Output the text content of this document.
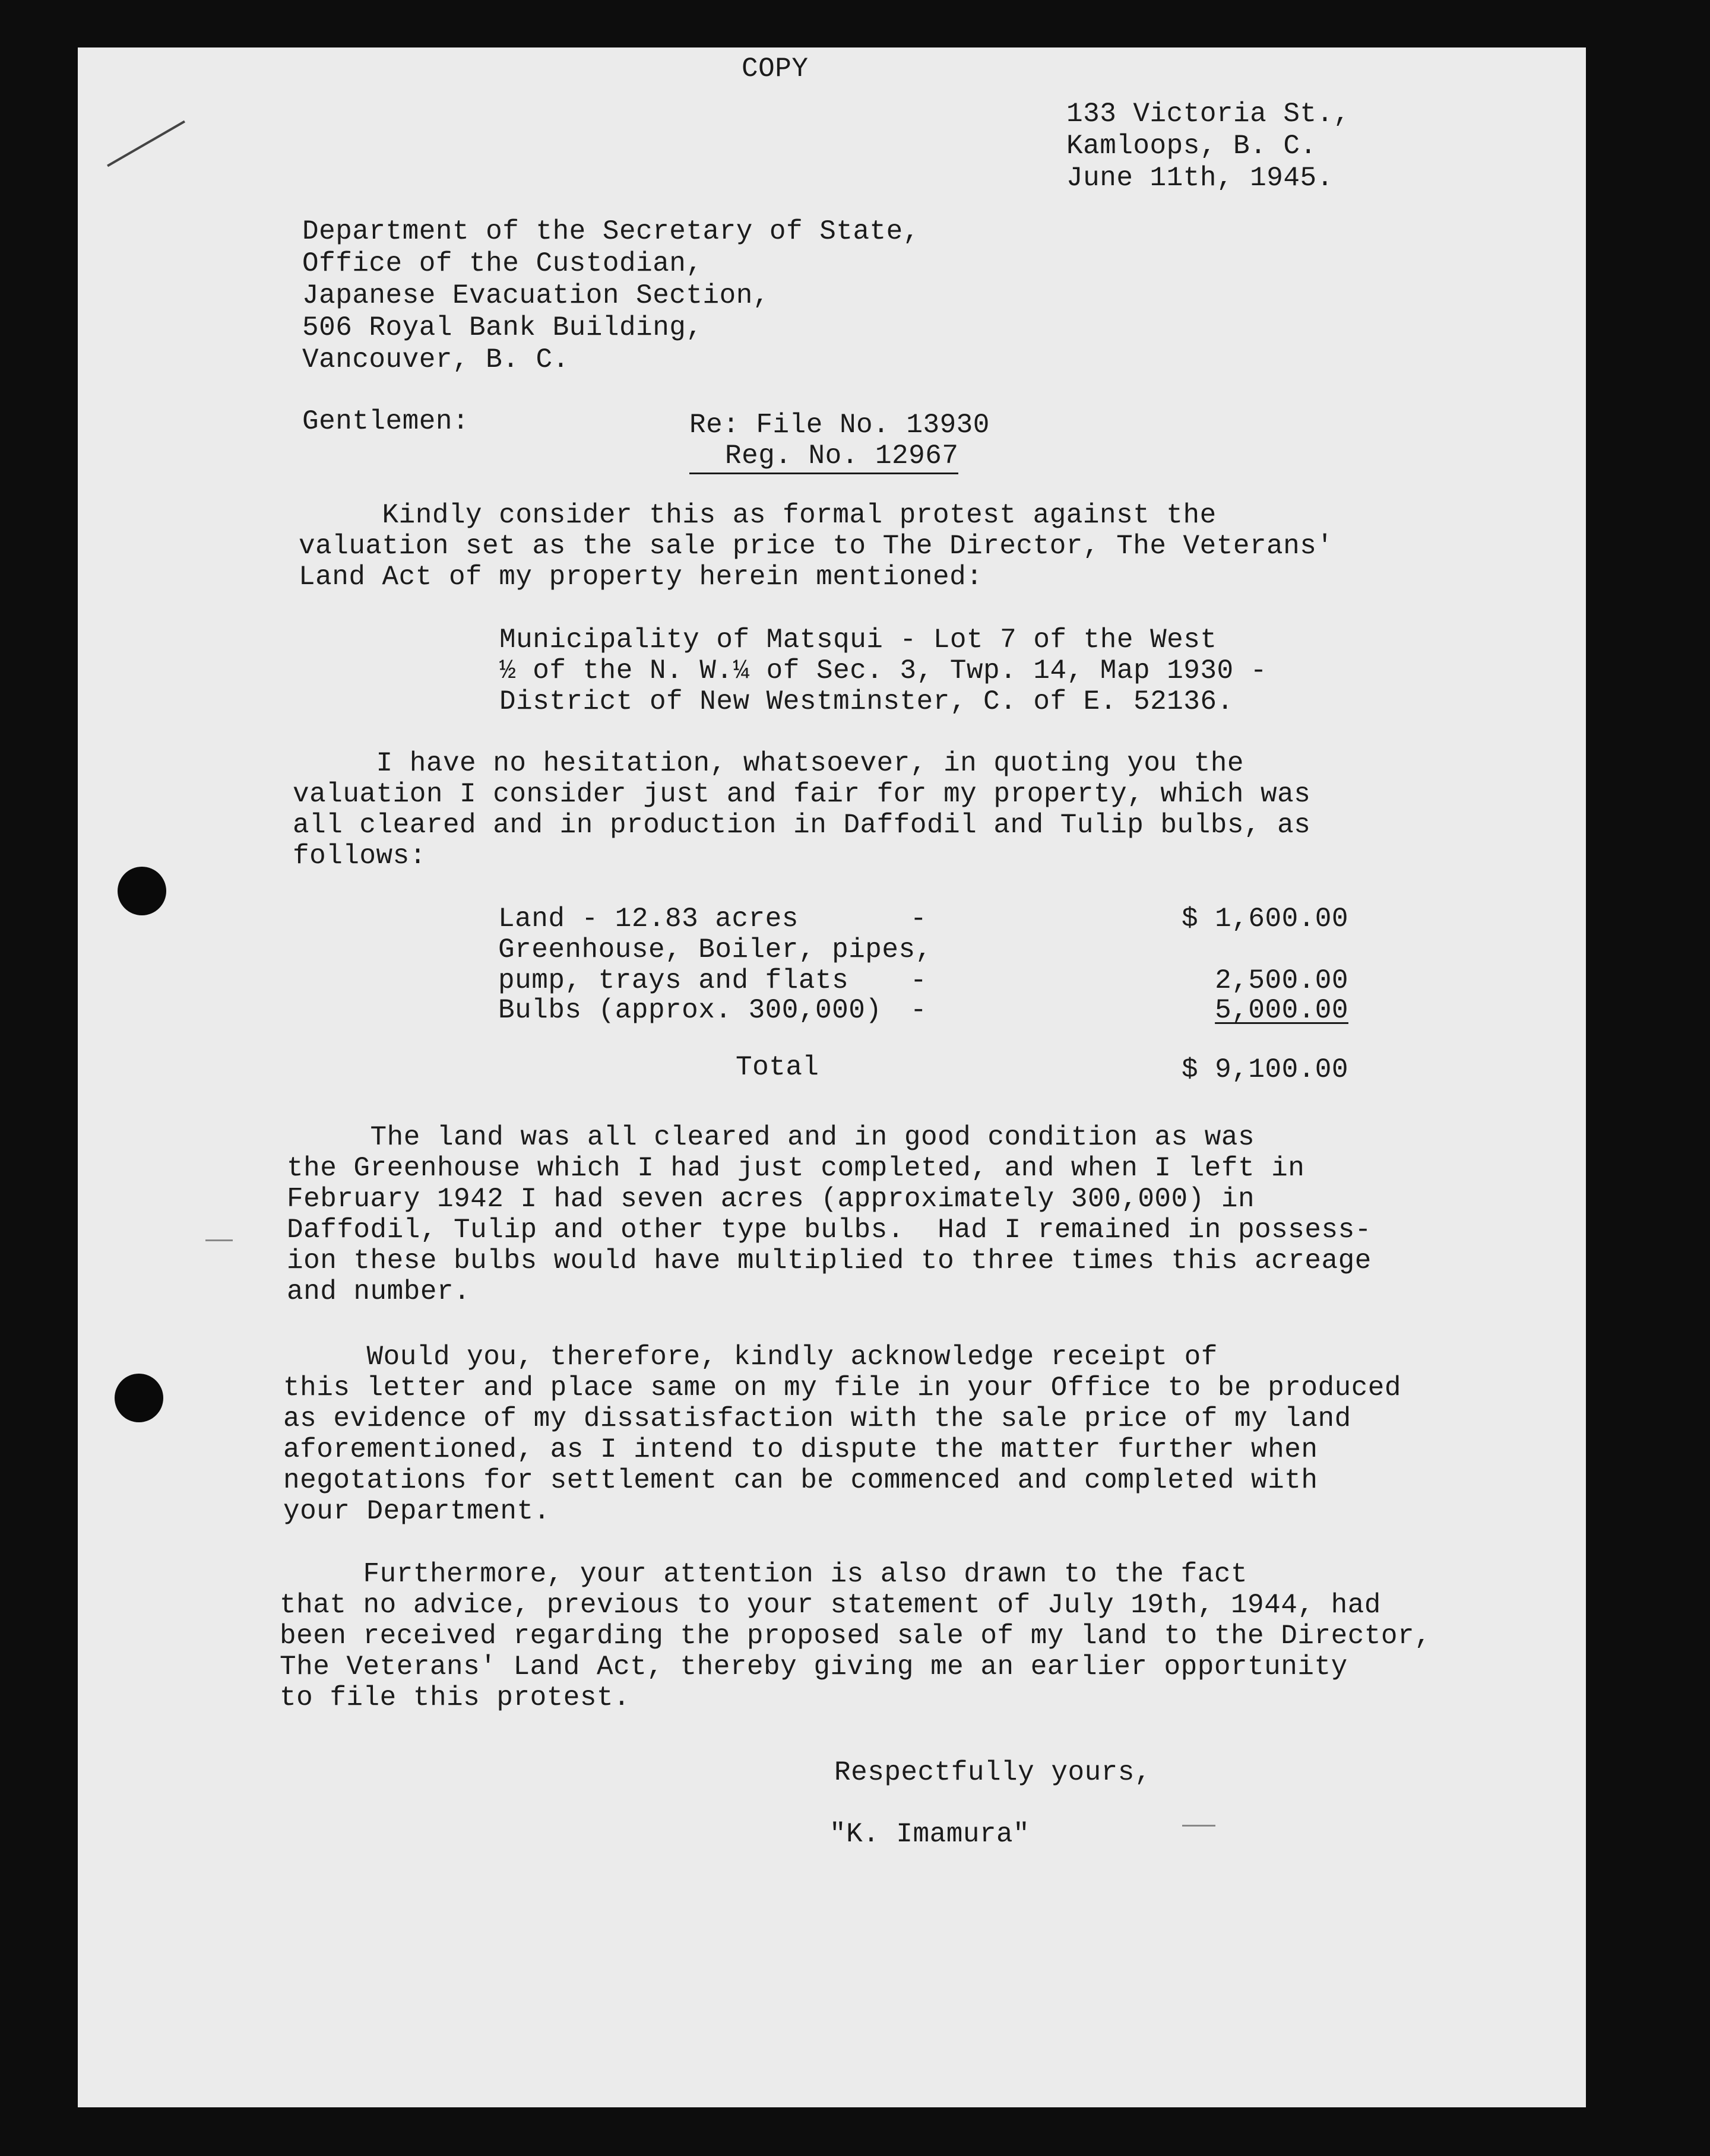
COPY
133 Victoria St.,
Kamloops, B. C.
June 11th, 1945.
Department of the Secretary of State,
Office of the Custodian,
Japanese Evacuation Section,
506 Royal Bank Building,
Vancouver, B. C.
Gentlemen:	Re: File No. 13930
Reg. No. 12967
Kindly consider this as formal protest against the
valuation set as the sale price to The Director, The Veterans'
Land Act of my property herein mentioned:
Municipality of Matsqui - Lot 7 of the West
½ of the N. W.¼ of Sec. 3, Twp. 14, Map 1930 -
District of New Westminster, C. of E. 52136.
I have no hesitation, whatsoever, in quoting you the
valuation I consider just and fair for my property, which was
all cleared and in production in Daffodil and Tulip bulbs, as
follows:
Land - 12.83 acres	-	$ 1,600.00
Greenhouse, Boiler, pipes,
pump, trays and flats -	2,500.00
Bulbs (approx. 300,000) -	5,000.00
Total	$ 9,100.00
The land was all cleared and in good condition as was
the Greenhouse which I had just completed, and when I left in
February 1942 I had seven acres (approximately 300,000) in
Daffodil, Tulip and other type bulbs.  Had I remained in possess-
ion these bulbs would have multiplied to three times this acreage
and number.
Would you, therefore, kindly acknowledge receipt of
this letter and place same on my file in your Office to be produced
as evidence of my dissatisfaction with the sale price of my land
aforementioned, as I intend to dispute the matter further when
negotations for settlement can be commenced and completed with
your Department.
Furthermore, your attention is also drawn to the fact
that no advice, previous to your statement of July 19th, 1944, had
been received regarding the proposed sale of my land to the Director,
The Veterans' Land Act, thereby giving me an earlier opportunity
to file this protest.
Respectfully yours,
"K. Imamura"
